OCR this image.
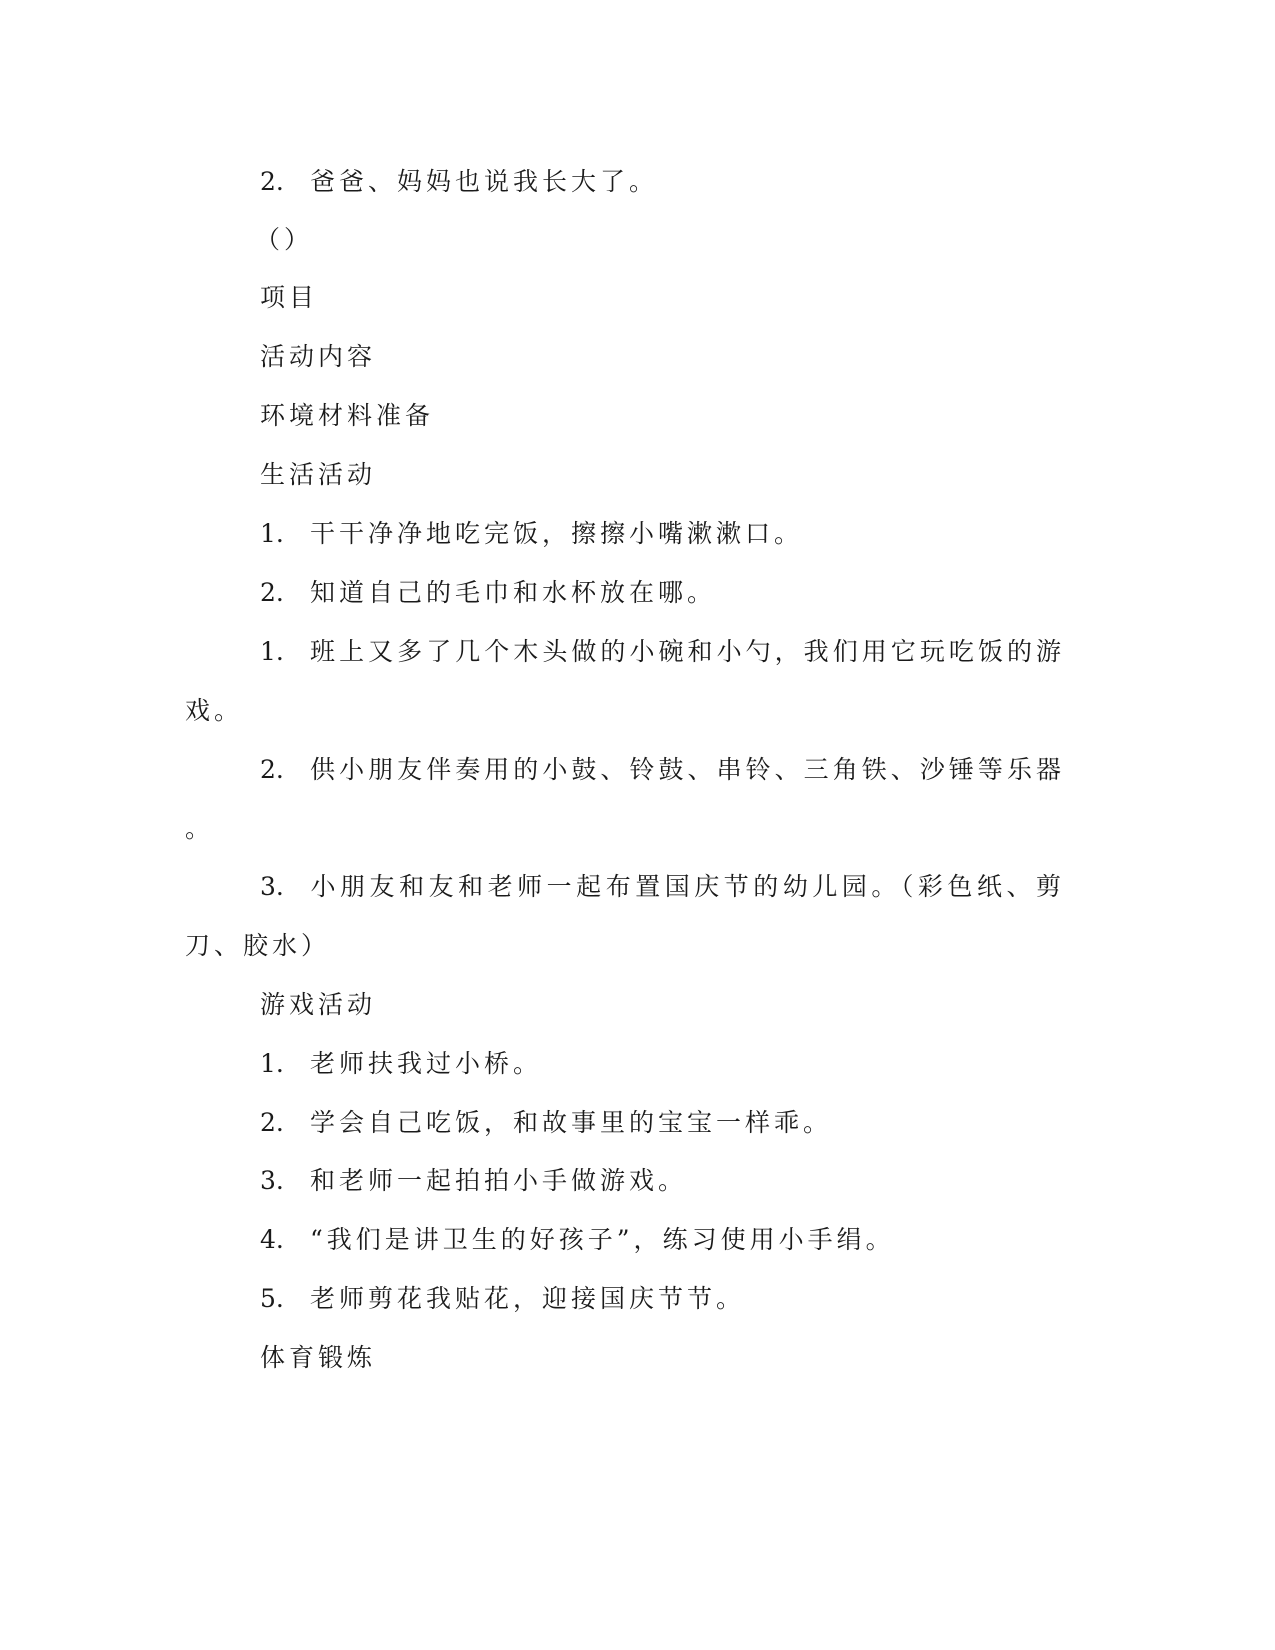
2. 爸爸、妈妈也说我长大了。
（）
项目
活动内容
环境材料准备
生活活动
1. 干干净净地吃完饭，擦擦小嘴漱漱口。
2. 知道自己的毛巾和水杯放在哪。
1. 班上又多了几个木头做的小碗和小勺，我们用它玩吃饭的游
戏。
2. 供小朋友伴奏用的小鼓、铃鼓、串铃、三角铁、沙锤等乐器
。
3. 小朋友和友和老师一起布置国庆节的幼儿园。（彩色纸、剪
刀、胶水）
游戏活动
1. 老师扶我过小桥。
2. 学会自己吃饭，和故事里的宝宝一样乖。
3. 和老师一起拍拍小手做游戏。
4. “我们是讲卫生的好孩子”，练习使用小手绢。
5. 老师剪花我贴花，迎接国庆节节。
体育锻炼
